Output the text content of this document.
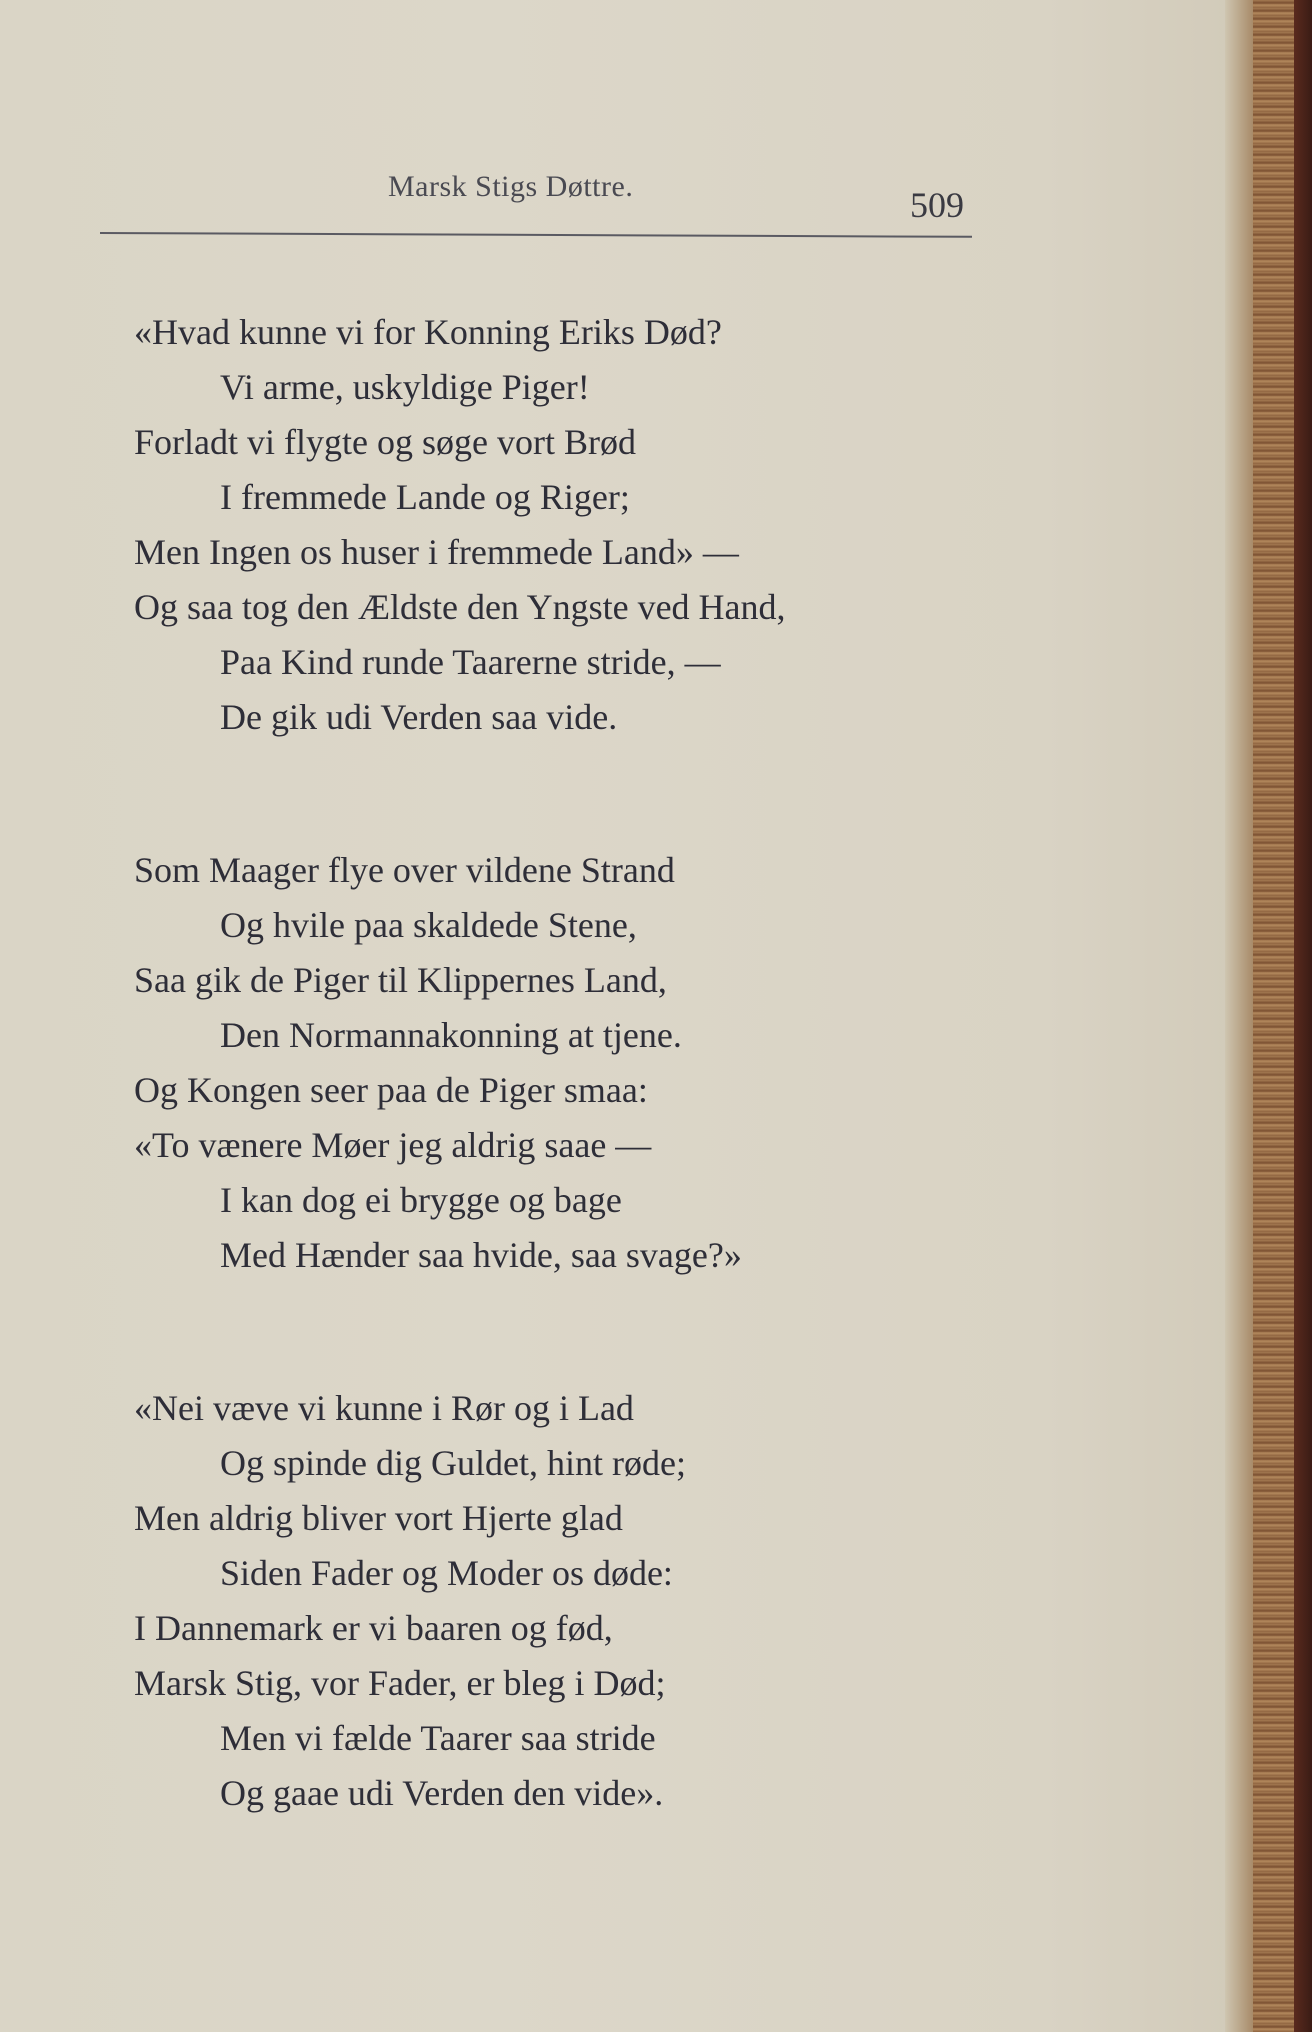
Marsk Stigs Døttre.	509
«Hvad kunne vi for Konning Eriks Død?
Vi arme, uskyldige Piger!
Forladt vi flygte og søge vort Brød
I fremmede Lande og Riger;
Men Ingen os huser i fremmede Land» —
Og saa tog den Ældste den Yngste ved Hand,
Paa Kind runde Taarerne stride, —
De gik udi Verden saa vide.
Som Maager flye over vildene Strand
Og hvile paa skaldede Stene,
Saa gik de Piger til Klippernes Land,
Den Normannakonning at tjene.
Og Kongen seer paa de Piger smaa:
«To vænere Møer jeg aldrig saae —
I kan dog ei brygge og bage
Med Hænder saa hvide, saa svage?»
«Nei væve vi kunne i Rør og i Lad
Og spinde dig Guldet, hint røde;
Men aldrig bliver vort Hjerte glad
Siden Fader og Moder os døde:
I Dannemark er vi baaren og fød,
Marsk Stig, vor Fader, er bleg i Død;
Men vi fælde Taarer saa stride
Og gaae udi Verden den vide».
